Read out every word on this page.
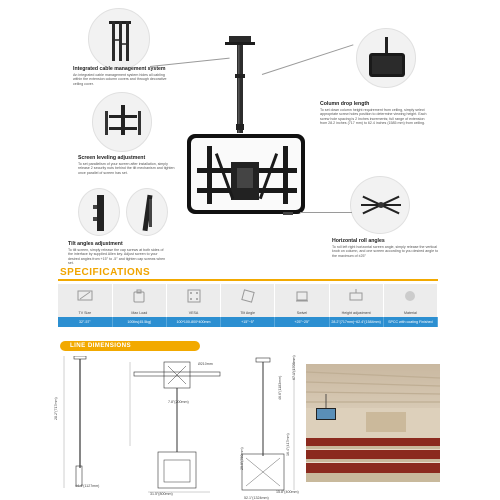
Integrated cable management system
An integrated cable management system hides all cabling within the extension column covers and through decorative ceiling cover.
Screen leveling adjustment
To set parallelism of your screen after installation, simply release 2 security nuts behind the tilt mechanism and tighten once parallel of screen has set.
Tilt angles adjustment
To tilt screen, simply release the cap screws at both sides of the interface by supplied Allen key. Adjust screen to your desired angles from +15° to -5° and tighten cap screws when set.
Column drop length
To set down column height requirement from ceiling, simply select appropriate screw holes position to determine viewing height. Each screw hole spacing is 2 Inches increments; full range of extension from 28.2 inches (717 mm) to 62.4 inches (1585 mm) from ceiling.
Horizontal roll angles
To roll left right horizontal screen angle, simply release the vertical knob on column, and one screen according to you desired angle to the maximum of ±25°
SPECIFICATIONS

TV Size	Max Load	VESA	Tilt Angle	Swivel	Height adjustment	Material
32"-57"	100lbs(45.5kg)	100*100-800*400mm	+15°~5°	+25°~25°	28.2"(717mm)~62.4"(1584mm)	SPCC with coating Finished
LINE DIMENSIONS
28.2"(717mm)
44.4"(1127mm)
Ø210mm
7.8"(200mm)
31.5"(800mm)
46.6"(1183mm)
67.1"(1705mm)
15.8"(400mm)
16.4"(417mm)
29.9"(760mm)
52.1"(1324mm)
